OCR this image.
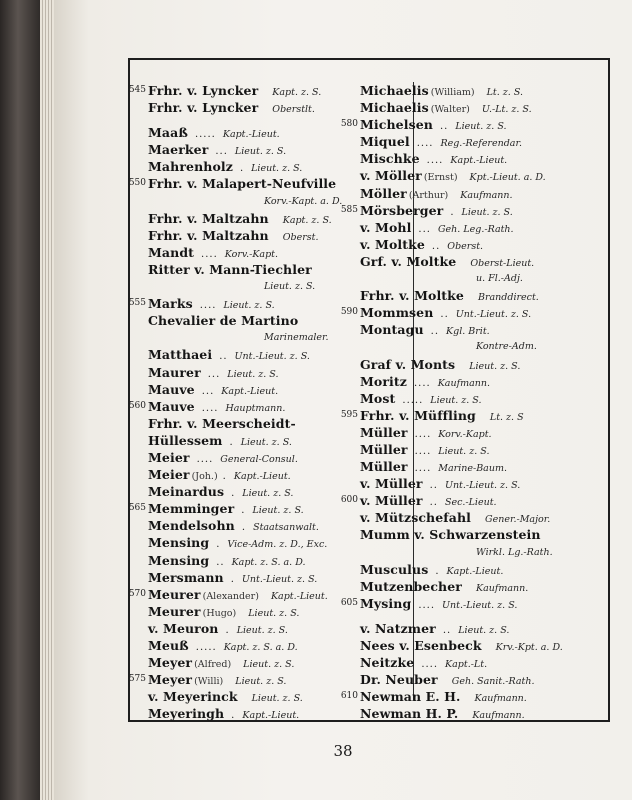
545 Frhr. v. Lyncker Kapt. z. S.
Frhr. v. Lyncker Oberstlt.
Maaß ..... Kapt.-Lieut.
Maerker ... Lieut. z. S.
Mahrenholz . Lieut. z. S.
550 Frhr. v. Malapert-Neufville
Korv.-Kapt. a. D.
Frhr. v. Maltzahn Kapt. z. S.
Frhr. v. Maltzahn Oberst.
Mandt .... Korv.-Kapt.
Ritter v. Mann-Tiechler
Lieut. z. S.
555 Marks .... Lieut. z. S.
Chevalier de Martino
Marinemaler.
Matthaei .. Unt.-Lieut. z. S.
Maurer ... Lieut. z. S.
Mauve ... Kapt.-Lieut.
560 Mauve .... Hauptmann.
Frhr. v. Meerscheidt-
Hüllessem . Lieut. z. S.
Meier .... General-Consul.
Meier (Joh.) . Kapt.-Lieut.
Meinardus . Lieut. z. S.
565 Memminger . Lieut. z. S.
Mendelsohn . Staatsanwalt.
Mensing . Vice-Adm. z. D., Exc.
Mensing .. Kapt. z. S. a. D.
Mersmann . Unt.-Lieut. z. S.
570 Meurer (Alexander) Kapt.-Lieut.
Meurer (Hugo) Lieut. z. S.
v. Meuron . Lieut. z. S.
Meuß ..... Kapt. z. S. a. D.
Meyer (Alfred) Lieut. z. S.
575 Meyer (Willi) Lieut. z. S.
v. Meyerinck Lieut. z. S.
Meyeringh . Kapt.-Lieut.
Michaelis (William) Lt. z. S.
Michaelis (Walter) U.-Lt. z. S.
580 Michelsen .. Lieut. z. S.
Miquel .... Reg.-Referendar.
Mischke .... Kapt.-Lieut.
v. Möller (Ernst) Kpt.-Lieut. a. D.
Möller (Arthur) Kaufmann.
585 Mörsberger . Lieut. z. S.
v. Mohl ... Geh. Leg.-Rath.
v. Moltke .. Oberst.
Grf. v. Moltke Oberst-Lieut.
u. Fl.-Adj.
Frhr. v. Moltke Branddirect.
590 Mommsen .. Unt.-Lieut. z. S.
Montagu .. Kgl. Brit.
Kontre-Adm.
Graf v. Monts Lieut. z. S.
Moritz .... Kaufmann.
Most ..... Lieut. z. S.
595 Frhr. v. Müffling Lt. z. S
Müller .... Korv.-Kapt.
Müller .... Lieut. z. S.
Müller .... Marine-Baum.
v. Müller .. Unt.-Lieut. z. S.
600 v. Müller .. Sec.-Lieut.
v. Mützschefahl Gener.-Major.
Mumm v. Schwarzenstein
Wirkl. Lg.-Rath.
Musculus . Kapt.-Lieut.
Mutzenbecher Kaufmann.
605 Mysing .... Unt.-Lieut. z. S.
v. Natzmer .. Lieut. z. S.
Nees v. Esenbeck Krv.-Kpt. a. D.
Neitzke .... Kapt.-Lt.
Dr. Neuber Geh. Sanit.-Rath.
610 Newman E. H. Kaufmann.
Newman H. P. Kaufmann.
38
